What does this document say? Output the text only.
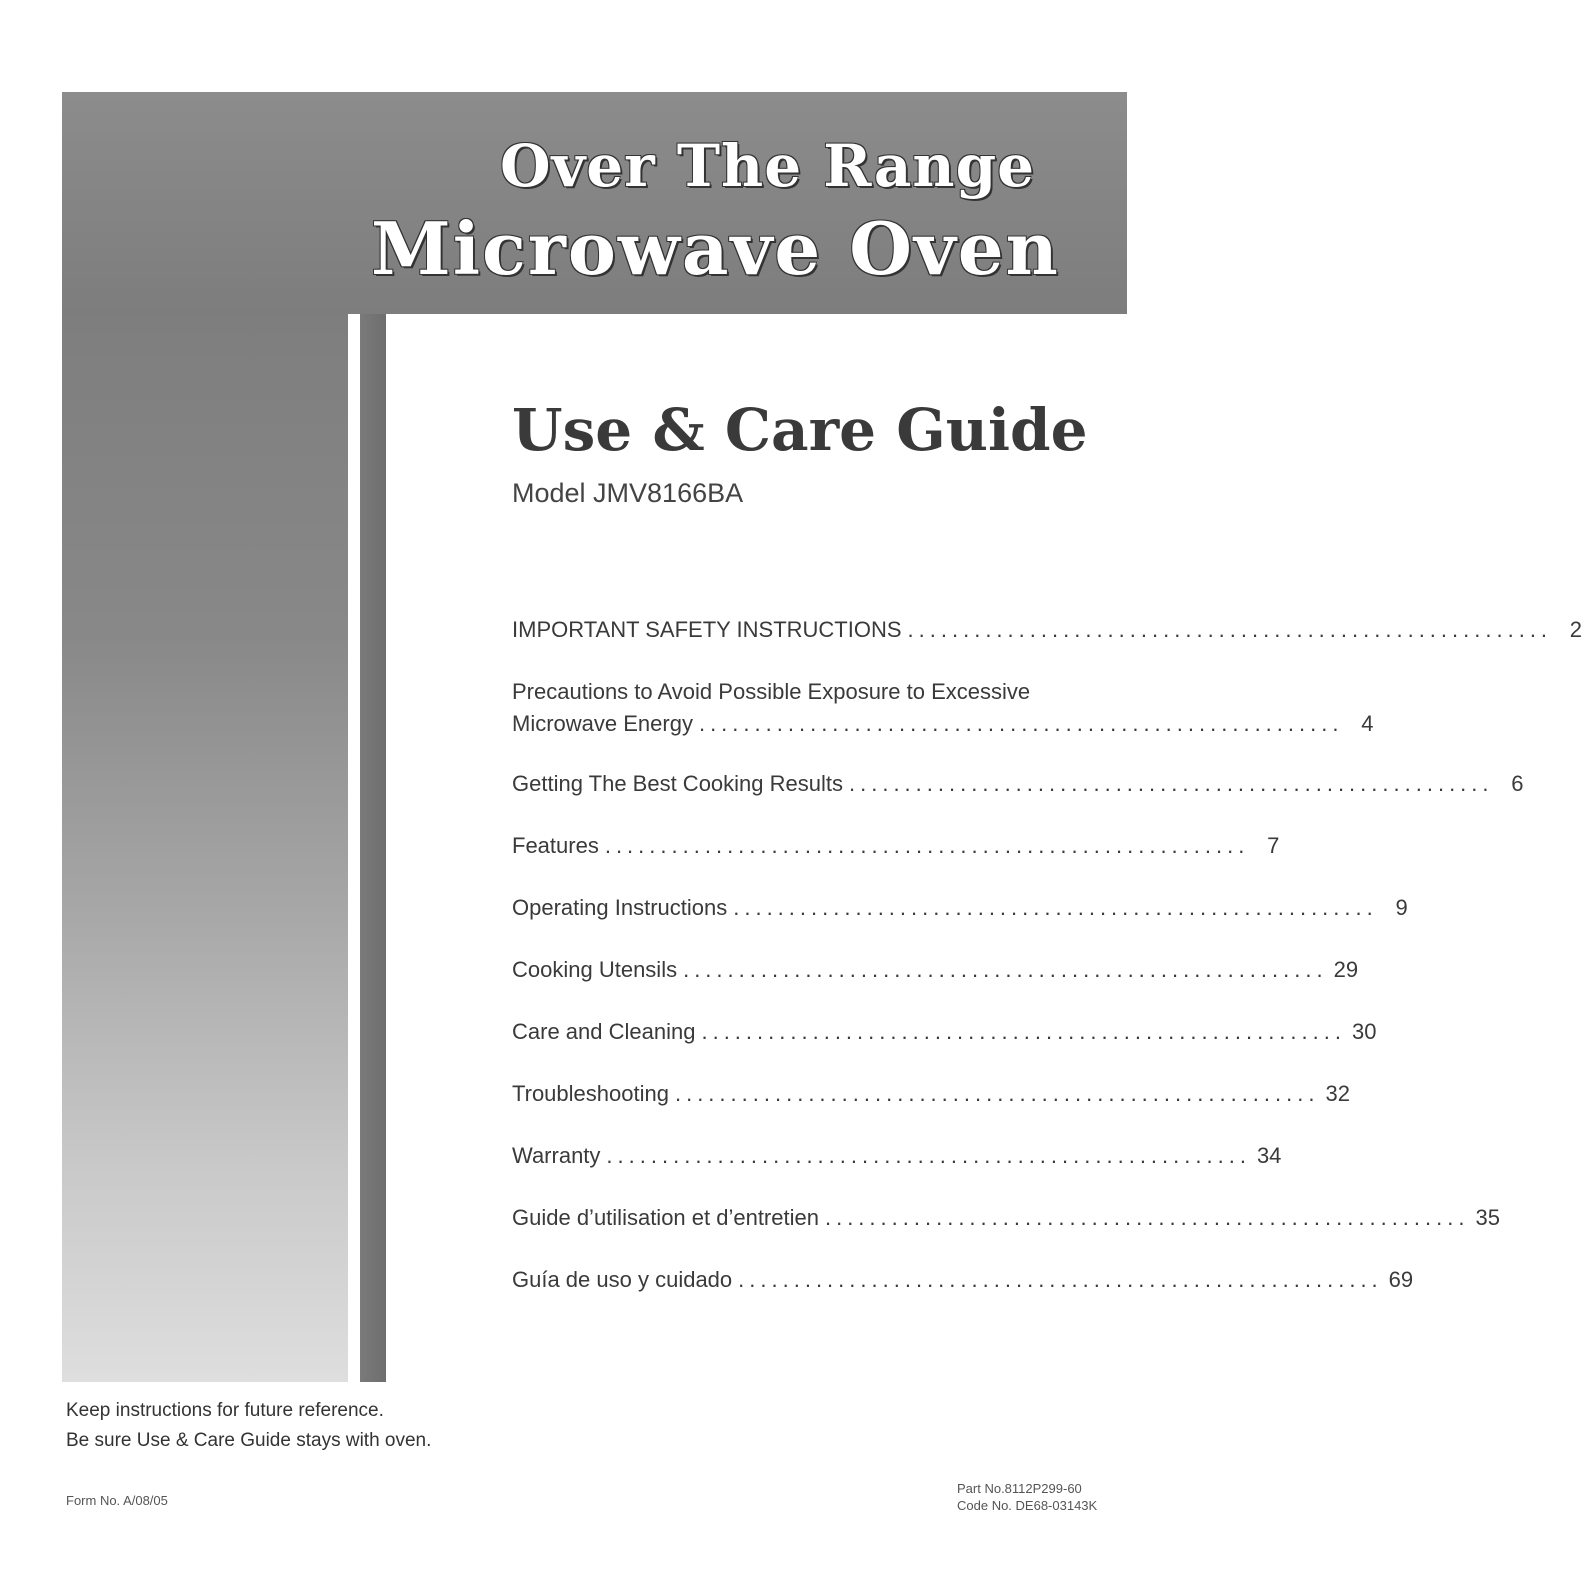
Over The Range
Microwave Oven
Use & Care Guide

Model JMV8166BA

IMPORTANT SAFETY INSTRUCTIONS .......................................................... 2
Precautions to Avoid Possible Exposure to Excessive
Microwave Energy .......................................................... 4
Getting The Best Cooking Results .......................................................... 6
Features .......................................................... 7
Operating Instructions .......................................................... 9
Cooking Utensils .......................................................... 29
Care and Cleaning .......................................................... 30
Troubleshooting .......................................................... 32
Warranty .......................................................... 34
Guide d’utilisation et d’entretien .......................................................... 35
Guía de uso y cuidado .......................................................... 69
Keep instructions for future reference.
Be sure Use & Care Guide stays with oven.

Form No. A/08/05

Part No.8112P299-60
Code No. DE68-03143K
